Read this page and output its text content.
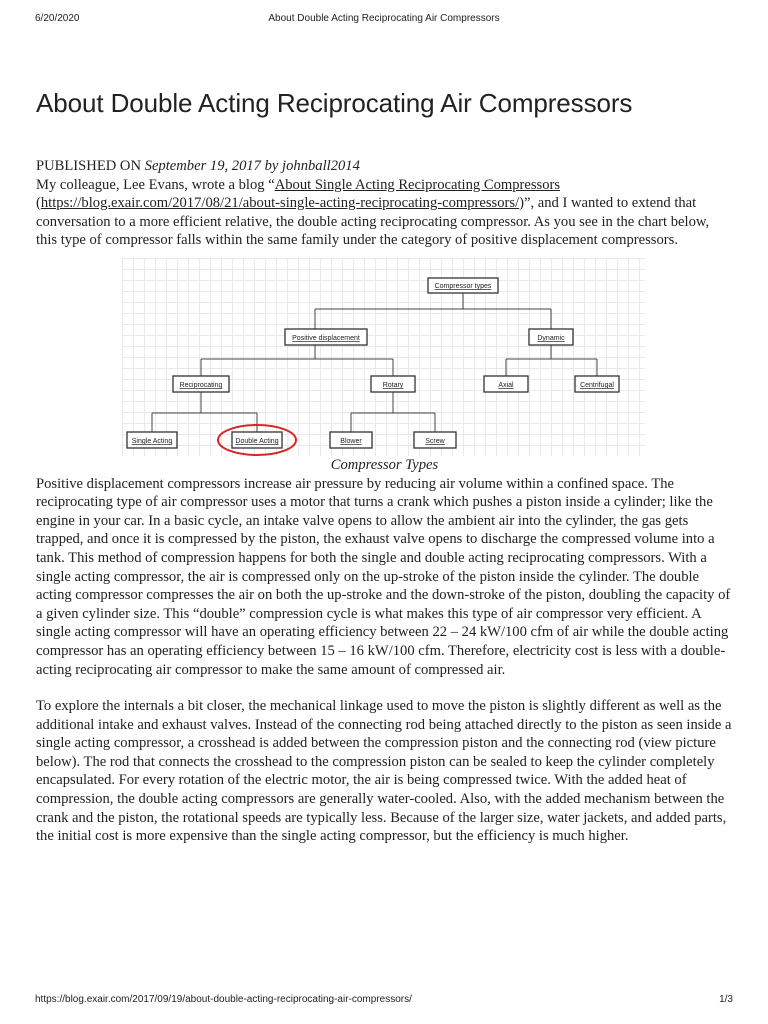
6/20/2020	About Double Acting Reciprocating Air Compressors
About Double Acting Reciprocating Air Compressors

PUBLISHED ON September 19, 2017 by johnball2014

My colleague, Lee Evans, wrote a blog “About Single Acting Reciprocating Compressors (https://blog.exair.com/2017/08/21/about-single-acting-reciprocating-compressors/)”, and I wanted to extend that conversation to a more efficient relative, the double acting reciprocating compressor. As you see in the chart below, this type of compressor falls within the same family under the category of positive displacement compressors.

Compressor types
Positive displacement	Dynamic
Reciprocating	Rotary	Axial	Centrifugal
Single Acting	Double Acting	Blower	Screw

Compressor Types

Positive displacement compressors increase air pressure by reducing air volume within a confined space. The reciprocating type of air compressor uses a motor that turns a crank which pushes a piston inside a cylinder; like the engine in your car. In a basic cycle, an intake valve opens to allow the ambient air into the cylinder, the gas gets trapped, and once it is compressed by the piston, the exhaust valve opens to discharge the compressed volume into a tank. This method of compression happens for both the single and double acting reciprocating compressors. With a single acting compressor, the air is compressed only on the up-stroke of the piston inside the cylinder. The double acting compressor compresses the air on both the up-stroke and the down-stroke of the piston, doubling the capacity of a given cylinder size. This “double” compression cycle is what makes this type of air compressor very efficient. A single acting compressor will have an operating efficiency between 22 – 24 kW/100 cfm of air while the double acting compressor has an operating efficiency between 15 – 16 kW/100 cfm. Therefore, electricity cost is less with a double-acting reciprocating air compressor to make the same amount of compressed air.

To explore the internals a bit closer, the mechanical linkage used to move the piston is slightly different as well as the additional intake and exhaust valves. Instead of the connecting rod being attached directly to the piston as seen inside a single acting compressor, a crosshead is added between the compression piston and the connecting rod (view picture below). The rod that connects the crosshead to the compression piston can be sealed to keep the cylinder completely encapsulated. For every rotation of the electric motor, the air is being compressed twice. With the added heat of compression, the double acting compressors are generally water-cooled. Also, with the added mechanism between the crank and the piston, the rotational speeds are typically less. Because of the larger size, water jackets, and added parts, the initial cost is more expensive than the single acting compressor, but the efficiency is much higher.

https://blog.exair.com/2017/09/19/about-double-acting-reciprocating-air-compressors/	1/3
